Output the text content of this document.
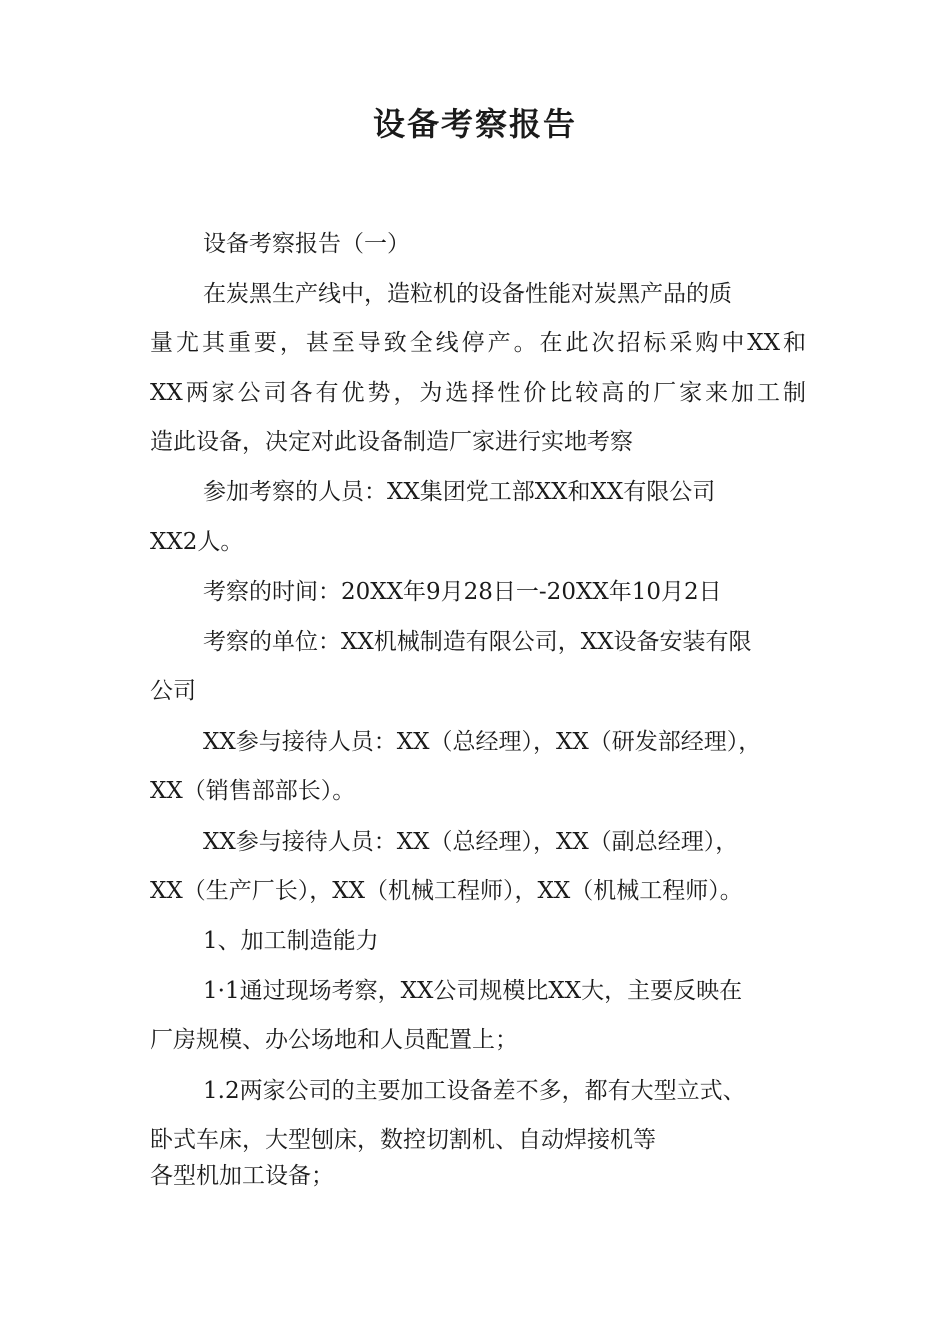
设备考察报告
设备考察报告（一）
在炭黑生产线中，造粒机的设备性能对炭黑产品的质
量尤其重要，甚至导致全线停产。在此次招标采购中XX和
XX两家公司各有优势，为选择性价比较高的厂家来加工制
造此设备，决定对此设备制造厂家进行实地考察
参加考察的人员：XX集团党工部XX和XX有限公司
XX2人。
考察的时间：20XX年9月28日一-20XX年10月2日
考察的单位：XX机械制造有限公司，XX设备安装有限
公司
XX参与接待人员：XX（总经理），XX（研发部经理），
XX（销售部部长）。
XX参与接待人员：XX（总经理），XX（副总经理），
XX（生产厂长），XX（机械工程师），XX（机械工程师）。
1、加工制造能力
1·1通过现场考察，XX公司规模比XX大，主要反映在
厂房规模、办公场地和人员配置上；
1.2两家公司的主要加工设备差不多，都有大型立式、
卧式车床，大型刨床，数控切割机、自动焊接机等
各型机加工设备；
